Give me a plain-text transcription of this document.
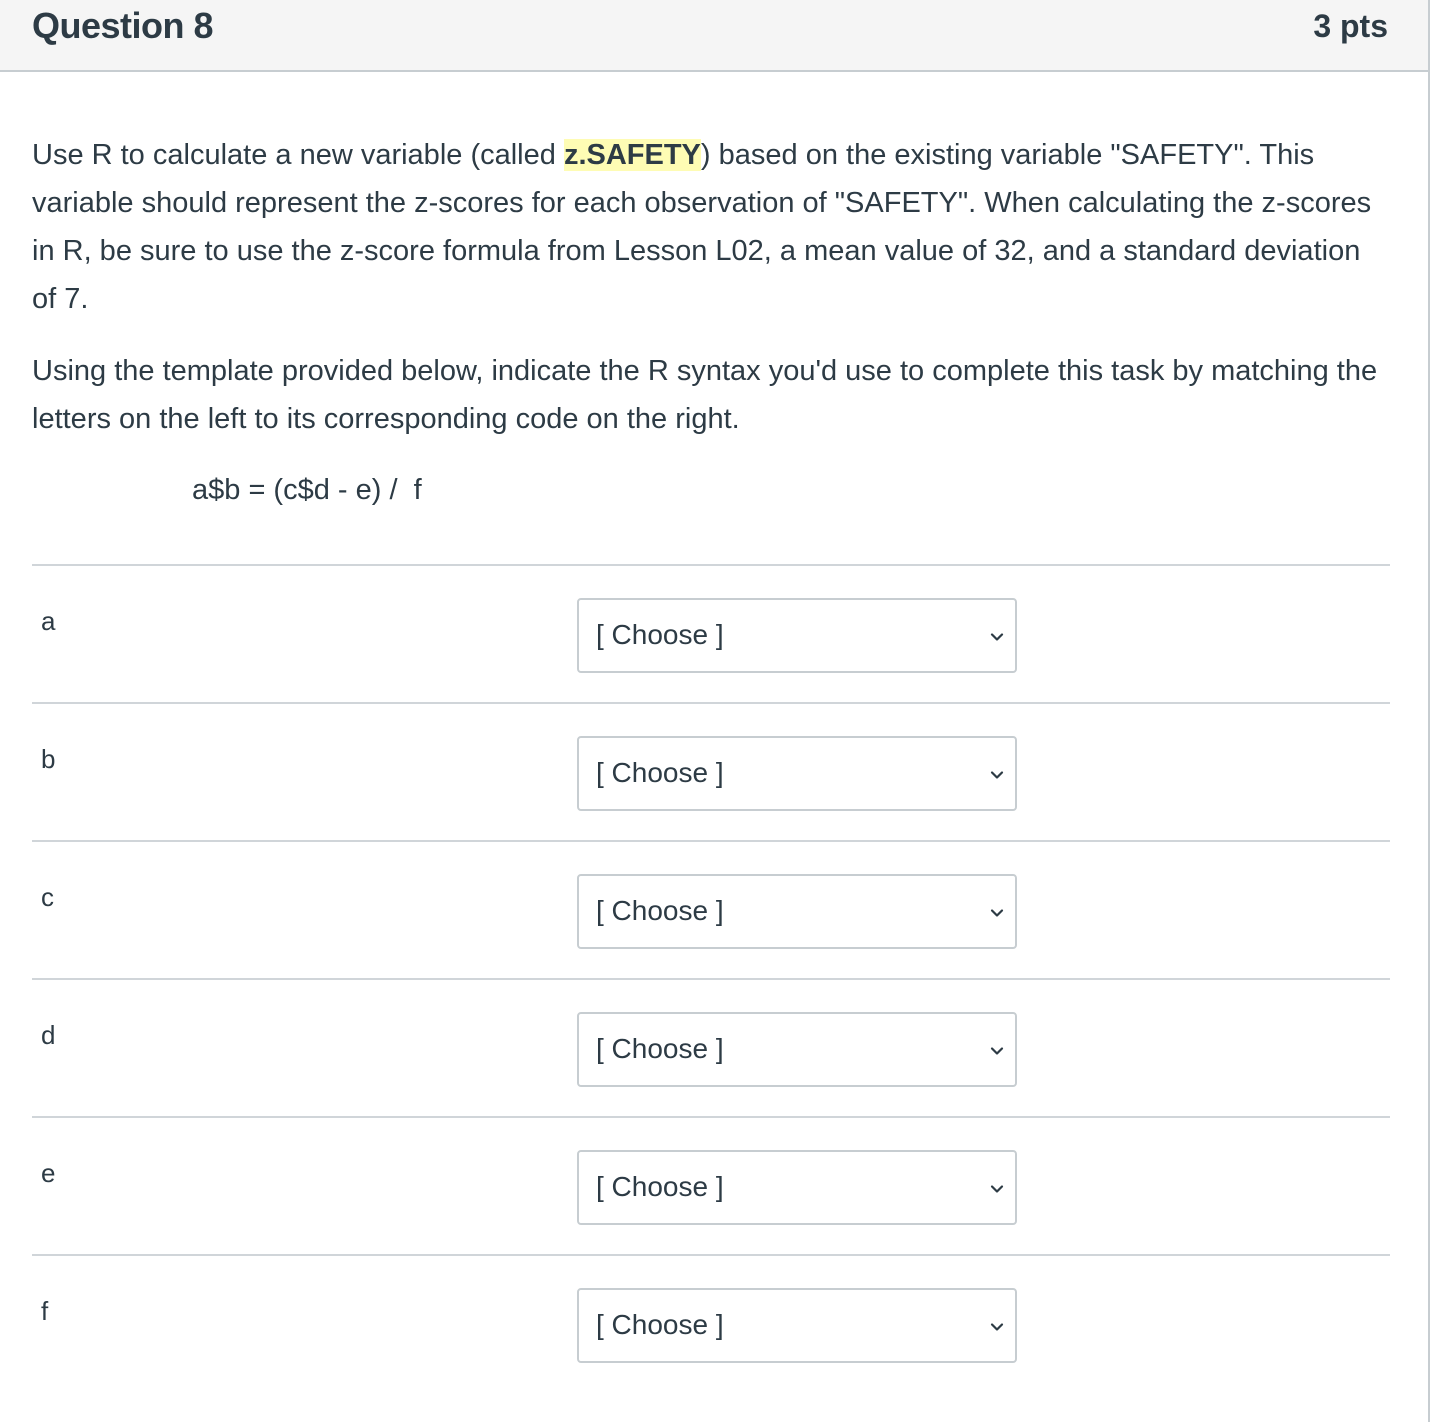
Question 8	3 pts

Use R to calculate a new variable (called z.SAFETY) based on the existing variable "SAFETY". This variable should represent the z-scores for each observation of "SAFETY". When calculating the z-scores in R, be sure to use the z-score formula from Lesson L02, a mean value of 32, and a standard deviation of 7.

Using the template provided below, indicate the R syntax you'd use to complete this task by matching the letters on the left to its corresponding code on the right.

a$b = (c$d - e) /  f
a	[ Choose ]
b	[ Choose ]
c	[ Choose ]
d	[ Choose ]
e	[ Choose ]
f	[ Choose ]
